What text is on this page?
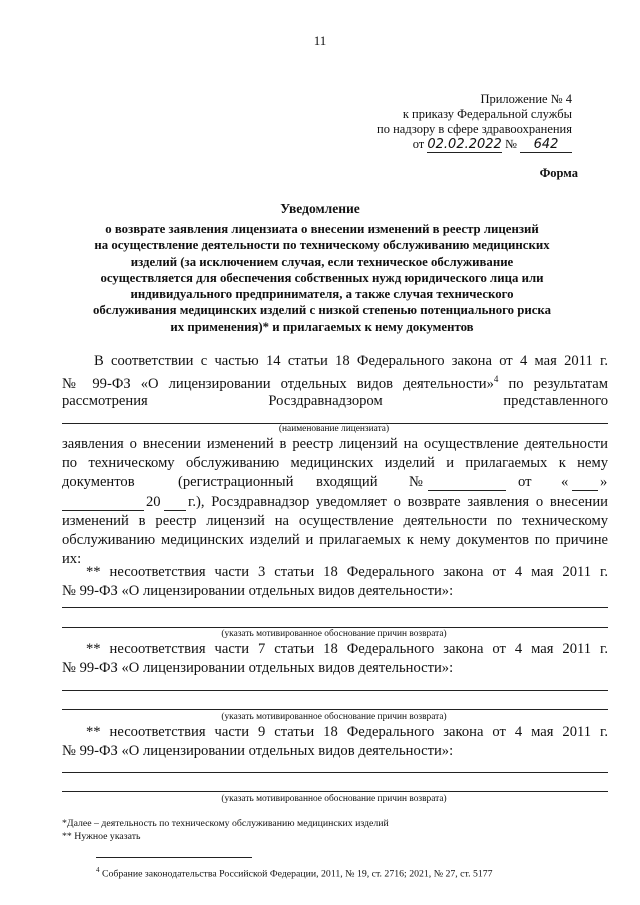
11
Приложение № 4
к приказу Федеральной службы
по надзору в сфере здравоохранения
от 02.02.2022 № 642
Форма
Уведомление
о возврате заявления лицензиата о внесении изменений в реестр лицензий
на осуществление деятельности по техническому обслуживанию медицинских
изделий (за исключением случая, если техническое обслуживание
осуществляется для обеспечения собственных нужд юридического лица или
индивидуального предпринимателя, а также случая технического
обслуживания медицинских изделий с низкой степенью потенциального риска
их применения)* и прилагаемых к нему документов
В соответствии с частью 14 статьи 18 Федерального закона от 4 мая 2011 г.
№ 99-ФЗ «О лицензировании отдельных видов деятельности»$^4$ по результатам
рассмотрения	Росздравнадзором	представленного
(наименование лицензиата)
заявления о внесении изменений в реестр лицензий на осуществление деятельности
по техническому обслуживанию медицинских изделий и прилагаемых к нему
документов	(регистрационный входящий №	от « »
20 г.), Росздравнадзор уведомляет о возврате заявления о внесении
изменений в реестр лицензий на осуществление деятельности по техническому
обслуживанию медицинских изделий и прилагаемых к нему документов по причине
их:
** несоответствия части 3 статьи 18 Федерального закона от 4 мая 2011 г.
№ 99-ФЗ «О лицензировании отдельных видов деятельности»:
(указать мотивированное обоснование причин возврата)
** несоответствия части 7 статьи 18 Федерального закона от 4 мая 2011 г.
№ 99-ФЗ «О лицензировании отдельных видов деятельности»:
(указать мотивированное обоснование причин возврата)
** несоответствия части 9 статьи 18 Федерального закона от 4 мая 2011 г.
№ 99-ФЗ «О лицензировании отдельных видов деятельности»:
(указать мотивированное обоснование причин возврата)
*Далее – деятельность по техническому обслуживанию медицинских изделий
** Нужное указать
$^4$ Собрание законодательства Российской Федерации, 2011, № 19, ст. 2716; 2021, № 27, ст. 5177
